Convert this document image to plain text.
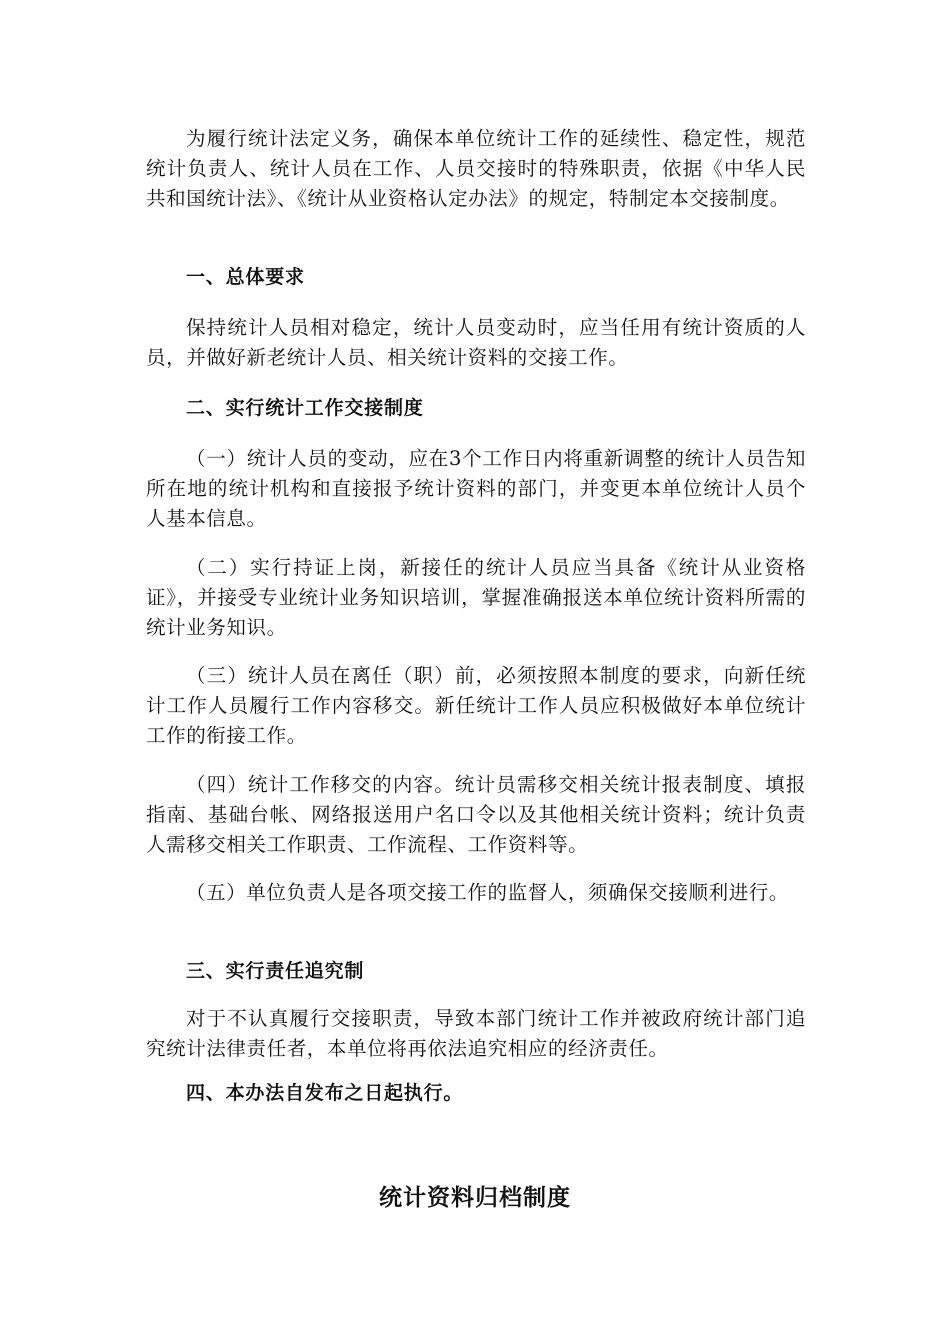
为履行统计法定义务，确保本单位统计工作的延续性、稳定性，规范统计负责人、统计人员在工作、人员交接时的特殊职责，依据《中华人民共和国统计法》、《统计从业资格认定办法》的规定，特制定本交接制度。

一、总体要求

保持统计人员相对稳定，统计人员变动时，应当任用有统计资质的人员，并做好新老统计人员、相关统计资料的交接工作。

二、实行统计工作交接制度

（一）统计人员的变动，应在3个工作日内将重新调整的统计人员告知所在地的统计机构和直接报予统计资料的部门，并变更本单位统计人员个人基本信息。

（二）实行持证上岗，新接任的统计人员应当具备《统计从业资格证》，并接受专业统计业务知识培训，掌握准确报送本单位统计资料所需的统计业务知识。

（三）统计人员在离任（职）前，必须按照本制度的要求，向新任统计工作人员履行工作内容移交。新任统计工作人员应积极做好本单位统计工作的衔接工作。

（四）统计工作移交的内容。统计员需移交相关统计报表制度、填报指南、基础台帐、网络报送用户名口令以及其他相关统计资料；统计负责人需移交相关工作职责、工作流程、工作资料等。

（五）单位负责人是各项交接工作的监督人，须确保交接顺利进行。

三、实行责任追究制

对于不认真履行交接职责，导致本部门统计工作并被政府统计部门追究统计法律责任者，本单位将再依法追究相应的经济责任。

四、本办法自发布之日起执行。
统计资料归档制度
